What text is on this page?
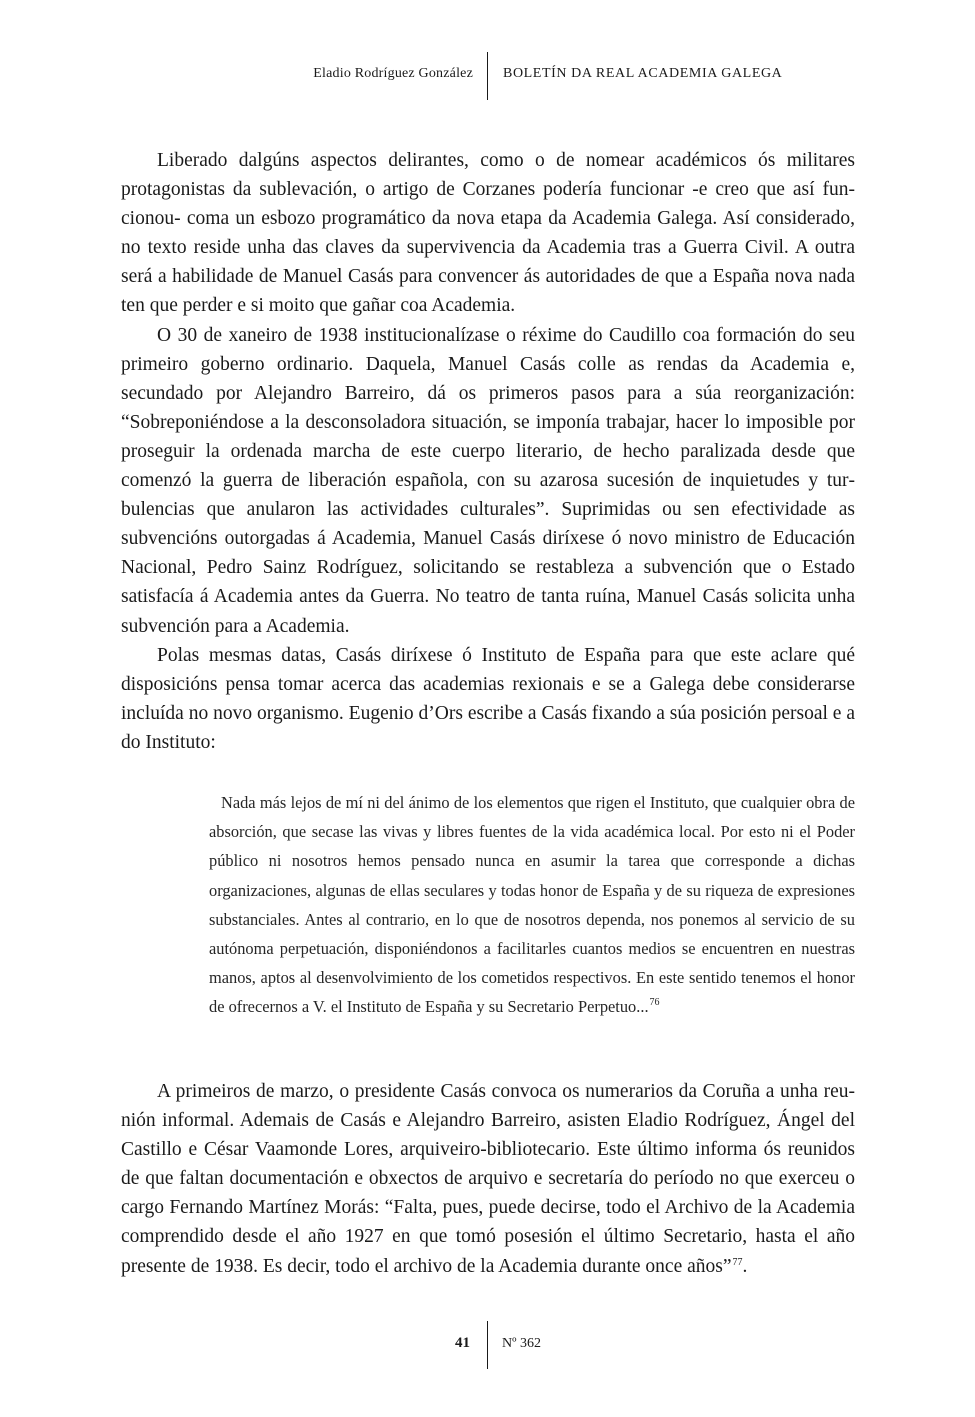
Eladio Rodríguez González BOLETÍN DA REAL ACADEMIA GALEGA

Liberado dalgúns aspectos delirantes, como o de nomear académicos ós militares protagonistas da sublevación, o artigo de Corzanes podería funcionar -e creo que así funcionou- coma un esbozo programático da nova etapa da Academia Galega. Así considerado, no texto reside unha das claves da supervivencia da Academia tras a Guerra Civil. A outra será a habilidade de Manuel Casás para convencer ás autoridades de que a España nova nada ten que perder e si moito que gañar coa Academia.

O 30 de xaneiro de 1938 institucionalízase o réxime do Caudillo coa formación do seu primeiro goberno ordinario. Daquela, Manuel Casás colle as rendas da Academia e, secundado por Alejandro Barreiro, dá os primeros pasos para a súa reorganización: “Sobreponiéndose a la desconsoladora situación, se imponía trabajar, hacer lo imposible por proseguir la ordenada marcha de este cuerpo literario, de hecho paralizada desde que comenzó la guerra de liberación española, con su azarosa sucesión de inquietudes y turbulencias que anularon las actividades culturales”. Suprimidas ou sen efectividade as subvencións outorgadas á Academia, Manuel Casás diríxese ó novo ministro de Educación Nacional, Pedro Sainz Rodríguez, solicitando se restableza a subvención que o Estado satisfacía á Academia antes da Guerra. No teatro de tanta ruína, Manuel Casás solicita unha subvención para a Academia.

Polas mesmas datas, Casás diríxese ó Instituto de España para que este aclare qué disposicións pensa tomar acerca das academias rexionais e se a Galega debe considerarse incluída no novo organismo. Eugenio d’Ors escribe a Casás fixando a súa posición persoal e a do Instituto:

Nada más lejos de mí ni del ánimo de los elementos que rigen el Instituto, que cualquier obra de absorción, que secase las vivas y libres fuentes de la vida académica local. Por esto ni el Poder público ni nosotros hemos pensado nunca en asumir la tarea que corresponde a dichas organizaciones, algunas de ellas seculares y todas honor de España y de su riqueza de expresiones substanciales. Antes al contrario, en lo que de nosotros dependa, nos ponemos al servicio de su autónoma perpetuación, disponiéndonos a facilitarles cuantos medios se encuentren en nuestras manos, aptos al desenvolvimiento de los cometidos respectivos. En este sentido tenemos el honor de ofrecernos a V. el Instituto de España y su Secretario Perpetuo...$^{76}$

A primeiros de marzo, o presidente Casás convoca os numerarios da Coruña a unha reunión informal. Ademais de Casás e Alejandro Barreiro, asisten Eladio Rodríguez, Ángel del Castillo e César Vaamonde Lores, arquiveiro-bibliotecario. Este último informa ós reunidos de que faltan documentación e obxectos de arquivo e secretaría do período no que exerceu o cargo Fernando Martínez Morás: “Falta, pues, puede decirse, todo el Archivo de la Academia comprendido desde el año 1927 en que tomó posesión el último Secretario, hasta el año presente de 1938. Es decir, todo el archivo de la Academia durante once años”$^{77}$.

41 Nº 362
